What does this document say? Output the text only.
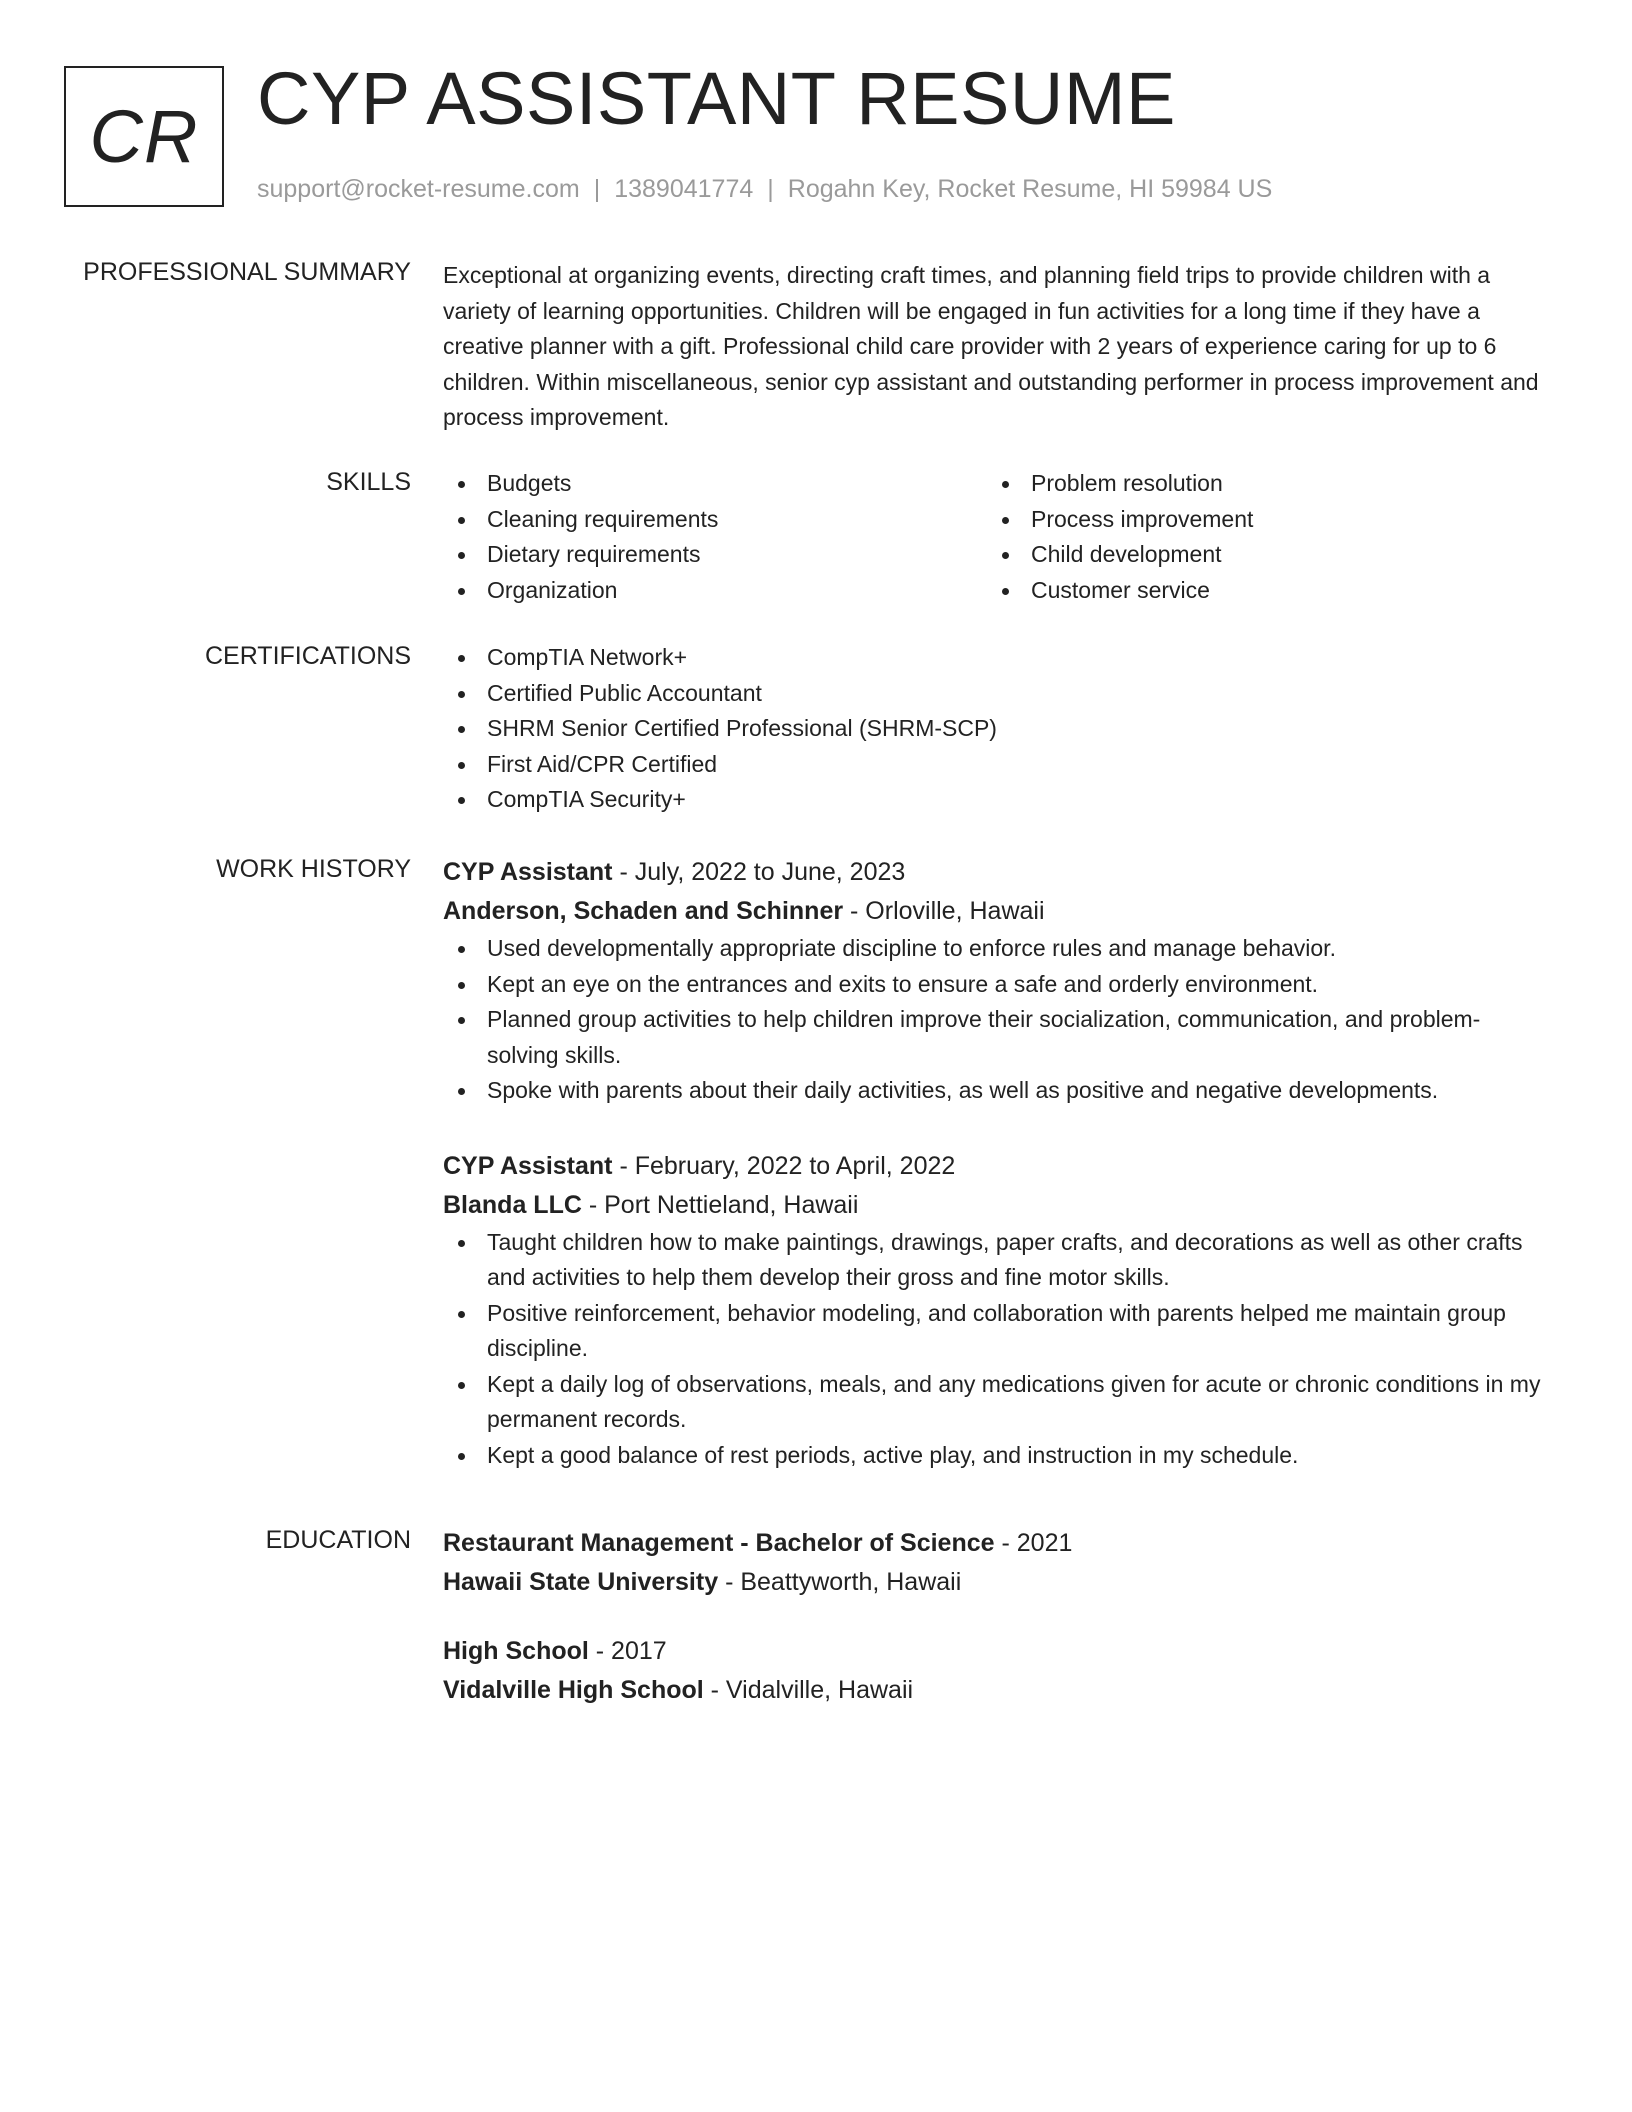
CR CYP ASSISTANT RESUME
support@rocket-resume.com | 1389041774 | Rogahn Key, Rocket Resume, HI 59984 US
PROFESSIONAL SUMMARY Exceptional at organizing events, directing craft times, and planning field trips to provide children with a variety of learning opportunities. Children will be engaged in fun activities for a long time if they have a creative planner with a gift. Professional child care provider with 2 years of experience caring for up to 6 children. Within miscellaneous, senior cyp assistant and outstanding performer in process improvement and process improvement.

SKILLS	Budgets
Cleaning requirements
Dietary requirements
Organization
Problem resolution
Process improvement
Child development
Customer service
CERTIFICATIONS	CompTIA Network+
Certified Public Accountant
SHRM Senior Certified Professional (SHRM-SCP)
First Aid/CPR Certified
CompTIA Security+
WORK HISTORY CYP Assistant - July, 2022 to June, 2023
Anderson, Schaden and Schinner - Orloville, Hawaii
Used developmentally appropriate discipline to enforce rules and manage behavior.
Kept an eye on the entrances and exits to ensure a safe and orderly environment.
Planned group activities to help children improve their socialization, communication, and problem-solving skills.
Spoke with parents about their daily activities, as well as positive and negative developments.
CYP Assistant - February, 2022 to April, 2022
Blanda LLC - Port Nettieland, Hawaii
Taught children how to make paintings, drawings, paper crafts, and decorations as well as other crafts and activities to help them develop their gross and fine motor skills.
Positive reinforcement, behavior modeling, and collaboration with parents helped me maintain group discipline.
Kept a daily log of observations, meals, and any medications given for acute or chronic conditions in my permanent records.
Kept a good balance of rest periods, active play, and instruction in my schedule.
EDUCATION Restaurant Management - Bachelor of Science - 2021
Hawaii State University - Beattyworth, Hawaii
High School - 2017
Vidalville High School - Vidalville, Hawaii
